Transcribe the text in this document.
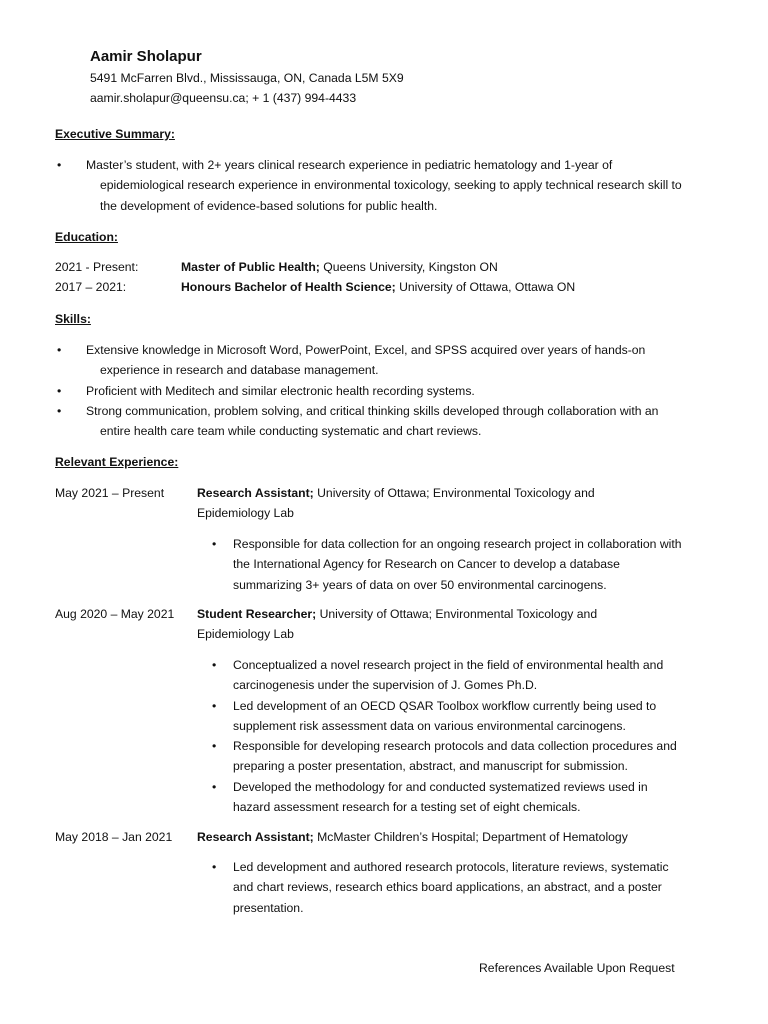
Aamir Sholapur
5491 McFarren Blvd., Mississauga, ON, Canada L5M 5X9
aamir.sholapur@queensu.ca; + 1 (437) 994-4433
Executive Summary:
• Master’s student, with 2+ years clinical research experience in pediatric hematology and 1-year of epidemiological research experience in environmental toxicology, seeking to apply technical research skill to the development of evidence-based solutions for public health.
Education:
2021 - Present:	Master of Public Health; Queens University, Kingston ON
2017 – 2021:	Honours Bachelor of Health Science; University of Ottawa, Ottawa ON
Skills:
• Extensive knowledge in Microsoft Word, PowerPoint, Excel, and SPSS acquired over years of hands-on experience in research and database management.
• Proficient with Meditech and similar electronic health recording systems.
• Strong communication, problem solving, and critical thinking skills developed through collaboration with an entire health care team while conducting systematic and chart reviews.
Relevant Experience:
May 2021 – Present	Research Assistant; University of Ottawa; Environmental Toxicology and Epidemiology Lab
• Responsible for data collection for an ongoing research project in collaboration with the International Agency for Research on Cancer to develop a database summarizing 3+ years of data on over 50 environmental carcinogens.
Aug 2020 – May 2021 Student Researcher; University of Ottawa; Environmental Toxicology and Epidemiology Lab
• Conceptualized a novel research project in the field of environmental health and carcinogenesis under the supervision of J. Gomes Ph.D.
• Led development of an OECD QSAR Toolbox workflow currently being used to supplement risk assessment data on various environmental carcinogens.
• Responsible for developing research protocols and data collection procedures and preparing a poster presentation, abstract, and manuscript for submission.
• Developed the methodology for and conducted systematized reviews used in hazard assessment research for a testing set of eight chemicals.
May 2018 – Jan 2021 Research Assistant; McMaster Children’s Hospital; Department of Hematology
• Led development and authored research protocols, literature reviews, systematic and chart reviews, research ethics board applications, an abstract, and a poster presentation.
References Available Upon Request
